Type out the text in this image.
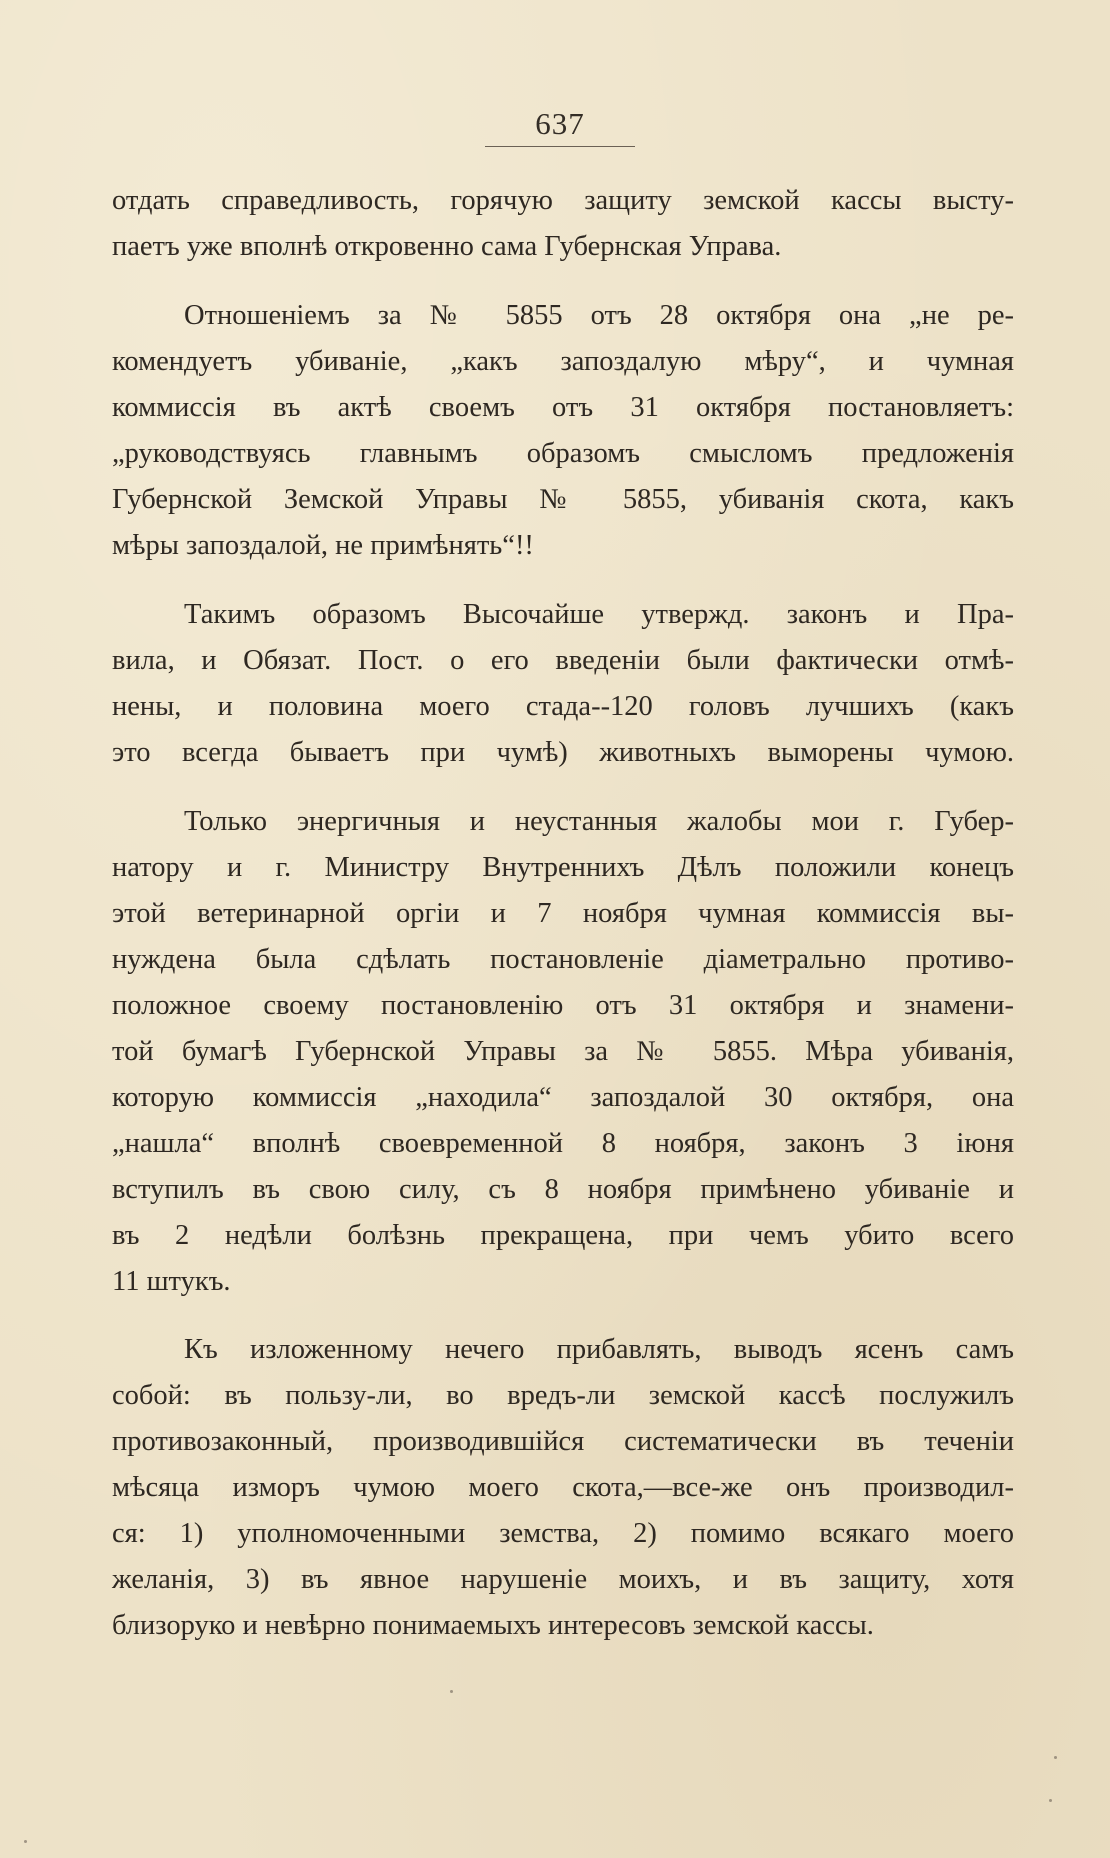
637
отдать справедливость, горячую защиту земской кассы высту-
паетъ уже вполнѣ откровенно сама Губернская Управа.
Отношеніемъ за № 5855 отъ 28 октября она „не ре-
комендуетъ убиваніе, „какъ запоздалую мѣру“, и чумная
коммиссія въ актѣ своемъ отъ 31 октября постановляетъ:
„руководствуясь главнымъ образомъ смысломъ предложенія
Губернской Земской Управы № 5855, убиванія скота, какъ
мѣры запоздалой, не примѣнять“!!
Такимъ образомъ Высочайше утвержд. законъ и Пра-
вила, и Обязат. Пост. о его введеніи были фактически отмѣ-
нены, и половина моего стада--120 головъ лучшихъ (какъ
это всегда бываетъ при чумѣ) животныхъ выморены чумою.
Только энергичныя и неустанныя жалобы мои г. Губер-
натору и г. Министру Внутреннихъ Дѣлъ положили конецъ
этой ветеринарной оргіи и 7 ноября чумная коммиссія вы-
нуждена была сдѣлать постановленіе діаметрально противо-
положное своему постановленію отъ 31 октября и знамени-
той бумагѣ Губернской Управы за № 5855. Мѣра убиванія,
которую коммиссія „находила“ запоздалой 30 октября, она
„нашла“ вполнѣ своевременной 8 ноября, законъ 3 іюня
вступилъ въ свою силу, съ 8 ноября примѣнено убиваніе и
въ 2 недѣли болѣзнь прекращена, при чемъ убито всего
11 штукъ.
Къ изложенному нечего прибавлять, выводъ ясенъ самъ
собой: въ пользу-ли, во вредъ-ли земской кассѣ послужилъ
противозаконный, производившійся систематически въ теченіи
мѣсяца изморъ чумою моего скота,—все-же онъ производил-
ся: 1) уполномоченными земства, 2) помимо всякаго моего
желанія, 3) въ явное нарушеніе моихъ, и въ защиту, хотя
близоруко и невѣрно понимаемыхъ интересовъ земской кассы.
